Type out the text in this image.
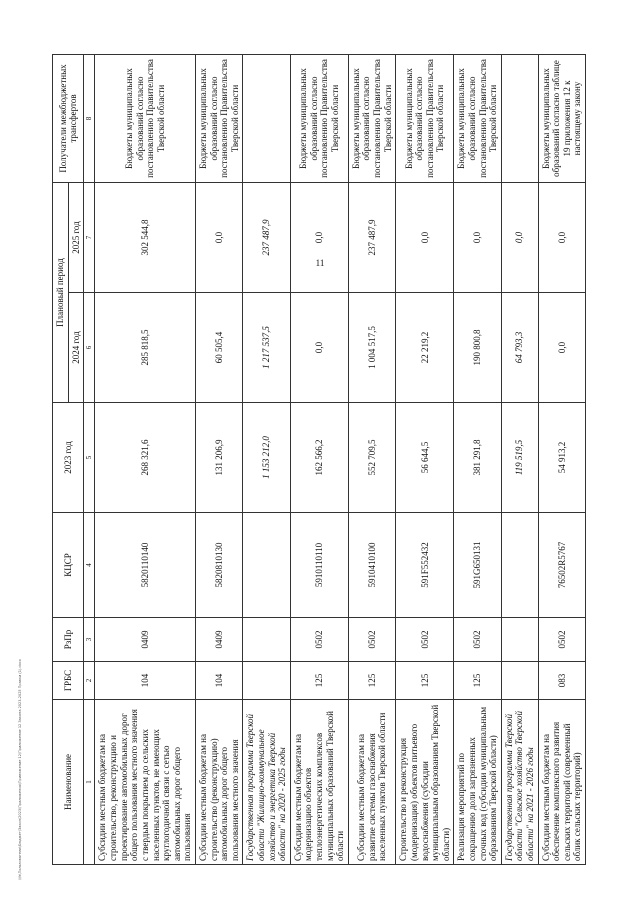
11
Наименование	ГРБС	РзПр	КЦСР	2023 год	Плановый период		Получатели межбюджетных трансфертов
					2024 год	2025 год	
1	2	3	4	5	6	7	8
Субсидии местным бюджетам на строительство, реконструкцию и проектирование автомобильных дорог общего пользования местного значения с твердым покрытием до сельских населенных пунктов, не имеющих круглогодичной связи с сетью автомобильных дорог общего пользования	104	0409	5820110140	268 321,6	285 818,5	302 544,8	Бюджеты муниципальных образований согласно постановлению Правительства Тверской области
Субсидии местным бюджетам на строительство (реконструкцию) автомобильных дорог общего пользования местного значения	104	0409	5820810130	131 206,9	60 505,4	0,0	Бюджеты муниципальных образований согласно постановлению Правительства Тверской области
Государственная программа Тверской области "Жилищно-коммунальное хозяйство и энергетика Тверской области" на 2020 - 2025 годы				1 153 212,0	1 217 537,5	237 487,9	
Субсидии местным бюджетам на модернизацию объектов теплоэнергетических комплексов муниципальных образований Тверской области	125	0502	5910110110	162 566,2	0,0	0,0	Бюджеты муниципальных образований согласно постановлению Правительства Тверской области
Субсидии местным бюджетам на развитие системы газоснабжения населенных пунктов Тверской области	125	0502	5910410100	552 709,5	1 004 517,5	237 487,9	Бюджеты муниципальных образований согласно постановлению Правительства Тверской области
Строительство и реконструкция (модернизация) объектов питьевого водоснабжения (субсидии муниципальным образованиям Тверской области)	125	0502	591F552432	56 644,5	22 219,2	0,0	Бюджеты муниципальных образований согласно постановлению Правительства Тверской области
Реализация мероприятий по сокращению доли загрязненных сточных вод (субсидии муниципальным образованиям Тверской области)	125	0502	591G650131	381 291,8	190 800,8	0,0	Бюджеты муниципальных образований согласно постановлению Правительства Тверской области
Государственная программа Тверской области "Сельское хозяйство Тверской области" на 2021 - 2026 годы				119 519,5	64 793,3	0,0	
Субсидии местным бюджетам на обеспечение комплексного развития сельских территорий (современный облик сельских территорий)	083	0502	76502R5767	54 913,2	0,0	0,0	Бюджеты муниципальных образований согласно таблице 19 приложения 12 к настоящему закону
\\fs\Пользователи\Бюджет\Закон\2023\Приложения\Приложение 12\Приложение 12 Закона 2023-2025 Правки (1).docx
